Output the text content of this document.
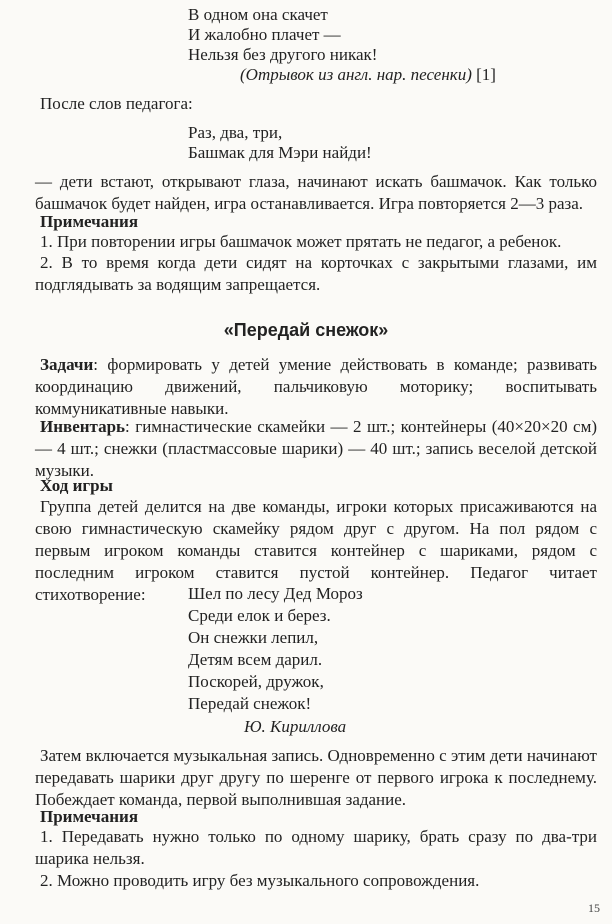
В одном она скачет
И жалобно плачет —
Нельзя без другого никак!
(Отрывок из англ. нар. песенки) [1]
После слов педагога:
Раз, два, три,
Башмак для Мэри найди!
— дети встают, открывают глаза, начинают искать башмачок. Как только башмачок будет найден, игра останавливается. Игра повторяется 2—3 раза.
Примечания
1. При повторении игры башмачок может прятать не педагог, а ребенок.
2. В то время когда дети сидят на корточках с закрытыми глазами, им подглядывать за водящим запрещается.
«Передай снежок»
Задачи: формировать у детей умение действовать в команде; развивать координацию движений, пальчиковую моторику; воспитывать коммуникативные навыки.
Инвентарь: гимнастические скамейки — 2 шт.; контейнеры (40×20×20 см) — 4 шт.; снежки (пластмассовые шарики) — 40 шт.; запись веселой детской музыки.
Ход игры
Группа детей делится на две команды, игроки которых присаживаются на свою гимнастическую скамейку рядом друг с другом. На пол рядом с первым игроком команды ставится контейнер с шариками, рядом с последним игроком ставится пустой контейнер. Педагог читает стихотворение:	Шел по лесу Дед Мороз
Среди елок и берез.
Он снежки лепил,
Детям всем дарил.
Поскорей, дружок,
Передай снежок!
Ю. Кириллова
Затем включается музыкальная запись. Одновременно с этим дети начинают передавать шарики друг другу по шеренге от первого игрока к последнему. Побеждает команда, первой выполнившая задание.
Примечания
1. Передавать нужно только по одному шарику, брать сразу по два-три шарика нельзя.
2. Можно проводить игру без музыкального сопровождения.
15
